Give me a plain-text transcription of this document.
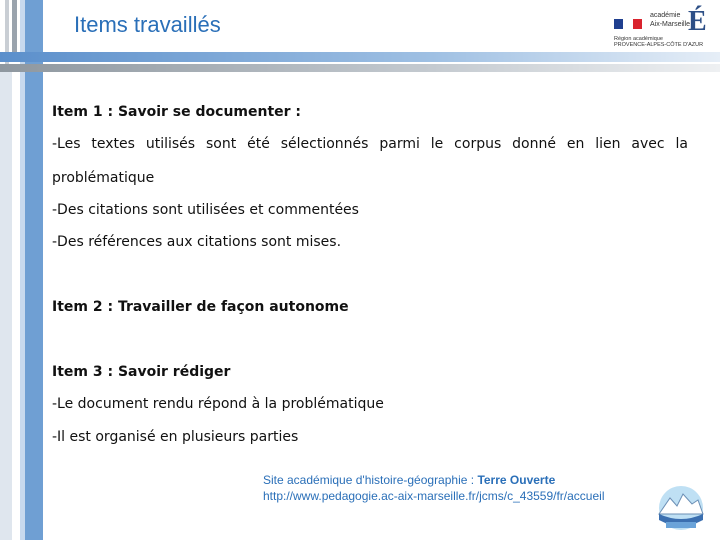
Items travaillés	académie
Aix-Marseille
É
Région académique
PROVENCE-ALPES-CÔTE D'AZUR
Item 1 : Savoir se documenter :
-Les textes utilisés sont été sélectionnés parmi le corpus donné en lien avec la
problématique
-Des citations sont utilisées et commentées
-Des références aux citations sont mises.
Item 2 : Travailler de façon autonome
Item 3 : Savoir rédiger
-Le document rendu répond à la problématique
-Il est organisé en plusieurs parties
Site académique d'histoire-géographie : Terre Ouverte
http://www.pedagogie.ac-aix-marseille.fr/jcms/c_43559/fr/accueil
